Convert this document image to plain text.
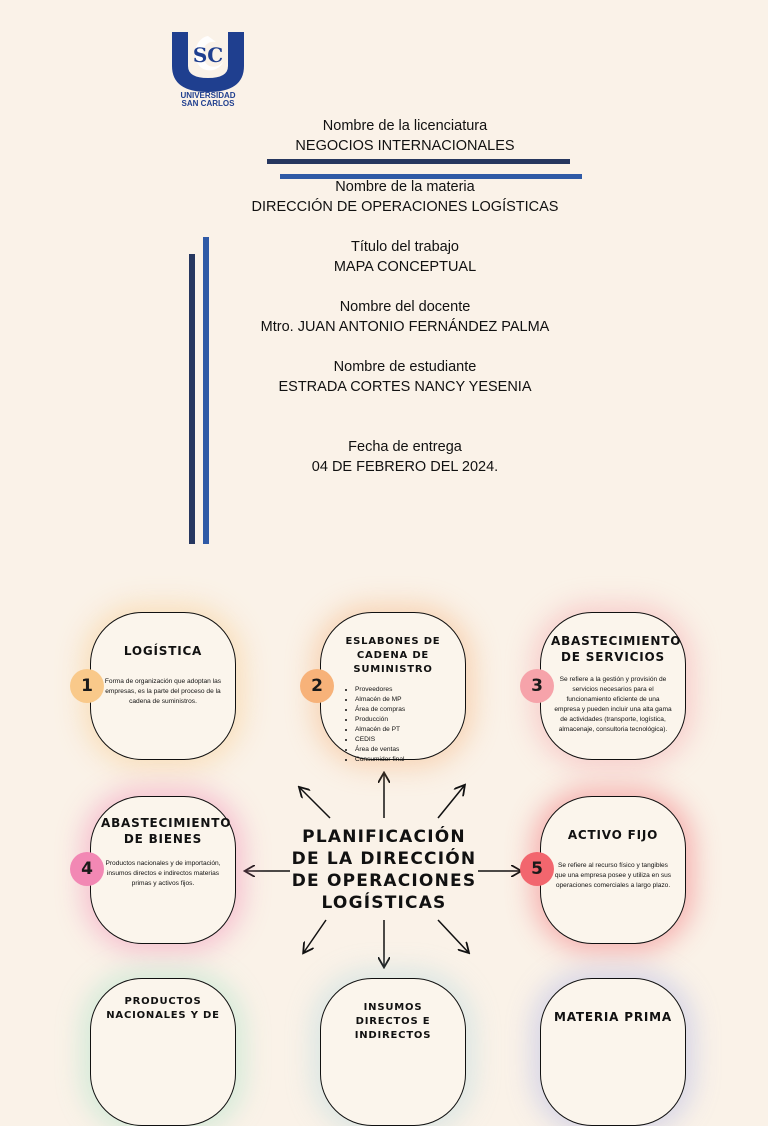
SC
UNIVERSIDAD
SAN CARLOS
Nombre de la licenciatura
NEGOCIOS INTERNACIONALES
Nombre de la materia
DIRECCIÓN DE OPERACIONES LOGÍSTICAS
Título del trabajo
MAPA CONCEPTUAL
Nombre del docente
Mtro. JUAN ANTONIO FERNÁNDEZ PALMA
Nombre de estudiante
ESTRADA CORTES NANCY YESENIA
Fecha de entrega
04 DE FEBRERO DEL 2024.
PLANIFICACIÓN
DE LA DIRECCIÓN
DE OPERACIONES
LOGÍSTICAS
LOGÍSTICA
Forma de organización que adoptan las empresas, es la parte del proceso de la cadena de suministros.
1
ESLABONES DE CADENA DE SUMINISTRO
• Proveedores
• Almacén de MP
• Área de compras
• Producción
• Almacén de PT
• CEDIS
• Área de ventas
• Consumidor final
2
ABASTECIMIENTO DE SERVICIOS
Se refiere a la gestión y provisión de servicios necesarios para el funcionamiento eficiente de una empresa y pueden incluir una alta gama de actividades (transporte, logística, almacenaje, consultoria tecnológica).
3
ABASTECIMIENTO DE BIENES
Productos nacionales y de importación, insumos directos e indirectos materias primas y activos fijos.
4
ACTIVO FIJO
Se refiere al recurso físico y tangibles que una empresa posee y utiliza en sus operaciones comerciales a largo plazo.
5
PRODUCTOS NACIONALES Y DE
INSUMOS DIRECTOS E INDIRECTOS
MATERIA PRIMA
